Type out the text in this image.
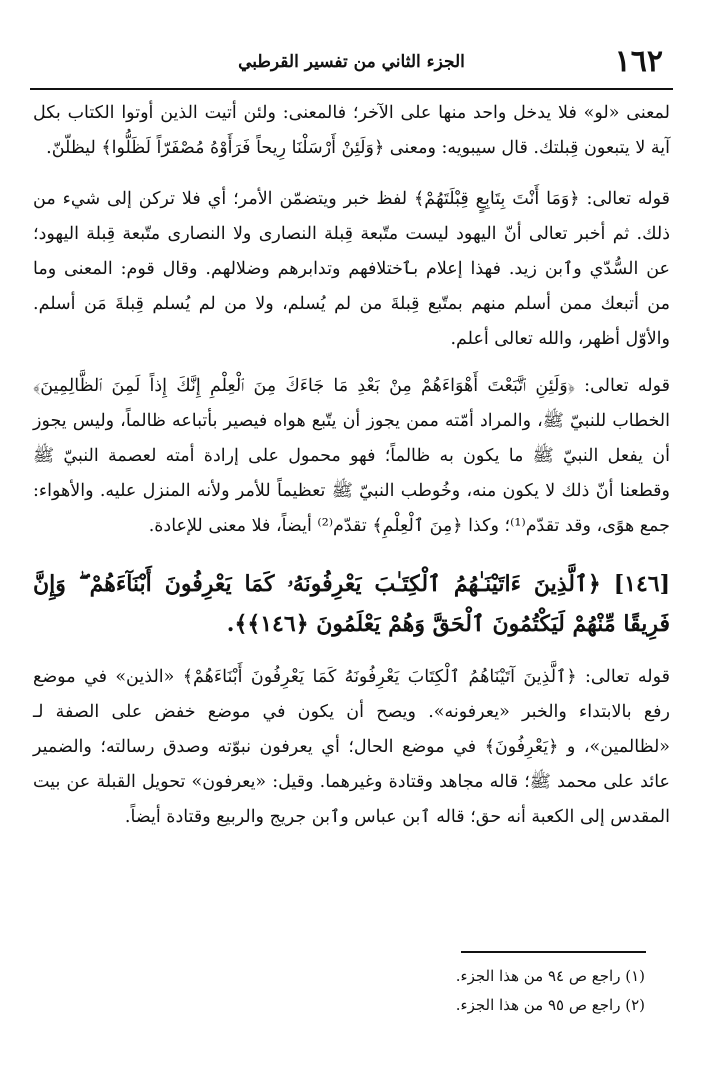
١٦٢
الجزء الثاني من تفسير القرطبي

لمعنى «لو» فلا يدخل واحد منها على الآخر؛ فالمعنى: ولئن أتيت الذين أوتوا الكتاب بكل آية لا يتبعون قِبلتك. قال سيبويه: ومعنى ﴿وَلَئِنْ أَرْسَلْنَا رِيحاً فَرَأَوْهُ مُصْفَرّاً لَظَلُّوا﴾ ليظلّنّ.

قوله تعالى: ﴿وَمَا أَنْتَ بِتَابِعٍ قِبْلَتَهُمْ﴾ لفظ خبر ويتضمّن الأمر؛ أي فلا تركن إلى شيء من ذلك. ثم أخبر تعالى أنّ اليهود ليست متّبعة قِبلة النصارى ولا النصارى متّبعة قِبلة اليهود؛ عن السُّدّي وٱبن زيد. فهذا إعلام بٱختلافهم وتدابرهم وضلالهم. وقال قوم: المعنى وما من أتبعك ممن أسلم منهم بمتّبع قِبلةَ من لم يُسلم، ولا من لم يُسلم قِبلةَ مَن أسلم. والأوّل أظهر، والله تعالى أعلم.

قوله تعالى: ﴿وَلَئِنِ ٱتَّبَعْتَ أَهْوَاءَهُمْ مِنْ بَعْدِ مَا جَاءَكَ مِنَ ٱلْعِلْمِ إِنَّكَ إِذاً لَمِنَ ٱلظَّالِمِينَ﴾ الخطاب للنبيّ ﷺ، والمراد أمّته ممن يجوز أن يتّبع هواه فيصير بأتباعه ظالماً، وليس يجوز أن يفعل النبيّ ﷺ ما يكون به ظالماً؛ فهو محمول على إرادة أمته لعصمة النبيّ ﷺ وقطعنا أنّ ذلك لا يكون منه، وخُوطب النبيّ ﷺ تعظيماً للأمر ولأنه المنزل عليه. والأهواء: جمع هوًى، وقد تقدّم⁽¹⁾؛ وكذا ﴿مِنَ ٱلْعِلْمِ﴾ تقدّم⁽²⁾ أيضاً، فلا معنى للإعادة.

[١٤٦] ﴿ٱلَّذِينَ ءَاتَيْنَـٰهُمُ ٱلْكِتَـٰبَ يَعْرِفُونَهُۥ كَمَا يَعْرِفُونَ أَبْنَآءَهُمْ ۖ وَإِنَّ فَرِيقًا مِّنْهُمْ لَيَكْتُمُونَ ٱلْحَقَّ وَهُمْ يَعْلَمُونَ ﴿١٤٦﴾﴾.

قوله تعالى: ﴿ٱلَّذِينَ آتَيْنَاهُمُ ٱلْكِتَابَ يَعْرِفُونَهُ كَمَا يَعْرِفُونَ أَبْنَاءَهُمْ﴾ «الذين» في موضع رفع بالابتداء والخبر «يعرفونه». ويصح أن يكون في موضع خفض على الصفة لـ «لظالمين»، و ﴿يَعْرِفُونَ﴾ في موضع الحال؛ أي يعرفون نبوّته وصدق رسالته؛ والضمير عائد على محمد ﷺ؛ قاله مجاهد وقتادة وغيرهما. وقيل: «يعرفون» تحويل القبلة عن بيت المقدس إلى الكعبة أنه حق؛ قاله ٱبن عباس وٱبن جريج والربيع وقتادة أيضاً.

(١) راجع ص ٩٤ من هذا الجزء.
(٢) راجع ص ٩٥ من هذا الجزء.
